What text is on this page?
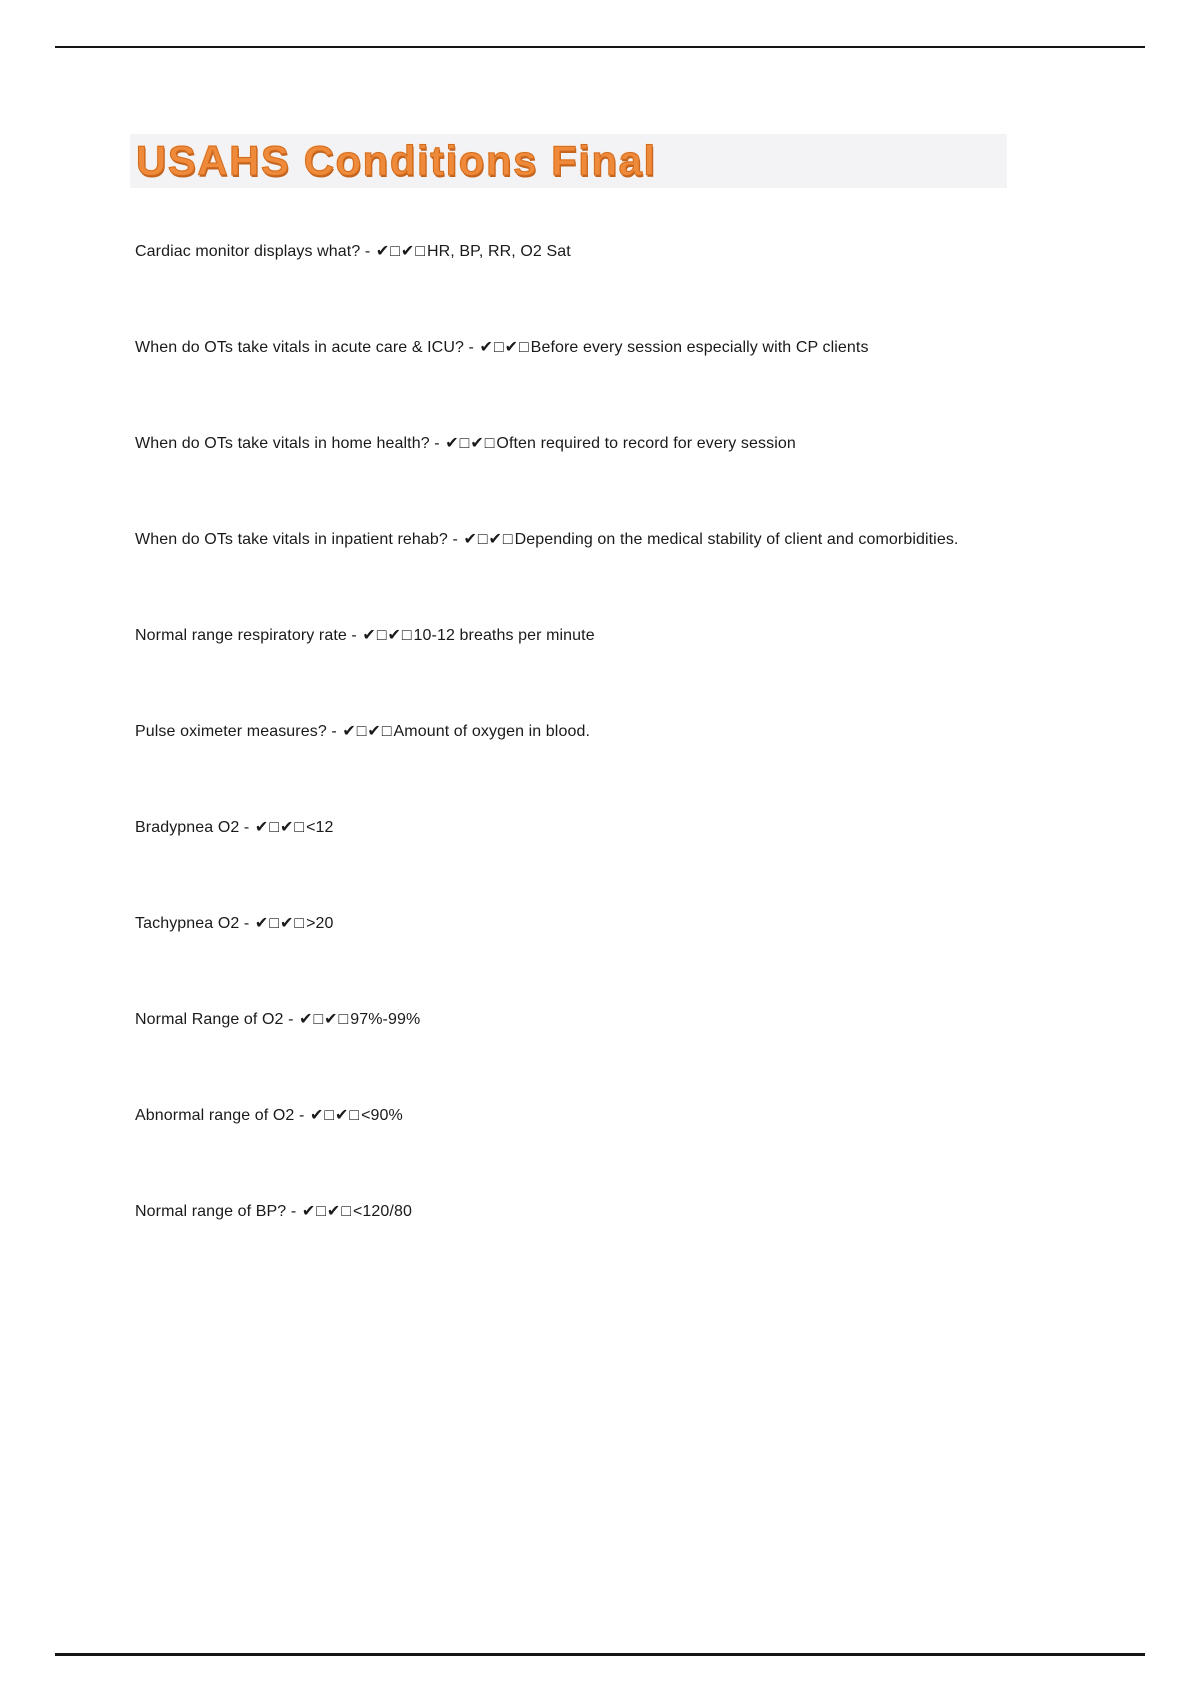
USAHS Conditions Final

Cardiac monitor displays what? - ✔□✔□HR, BP, RR, O2 Sat

When do OTs take vitals in acute care & ICU? - ✔□✔□Before every session especially with CP clients

When do OTs take vitals in home health? - ✔□✔□Often required to record for every session

When do OTs take vitals in inpatient rehab? - ✔□✔□Depending on the medical stability of client and comorbidities.

Normal range respiratory rate - ✔□✔□10-12 breaths per minute

Pulse oximeter measures? - ✔□✔□Amount of oxygen in blood.

Bradypnea O2 - ✔□✔□<12

Tachypnea O2 - ✔□✔□>20

Normal Range of O2 - ✔□✔□97%-99%

Abnormal range of O2 - ✔□✔□<90%

Normal range of BP? - ✔□✔□<120/80
